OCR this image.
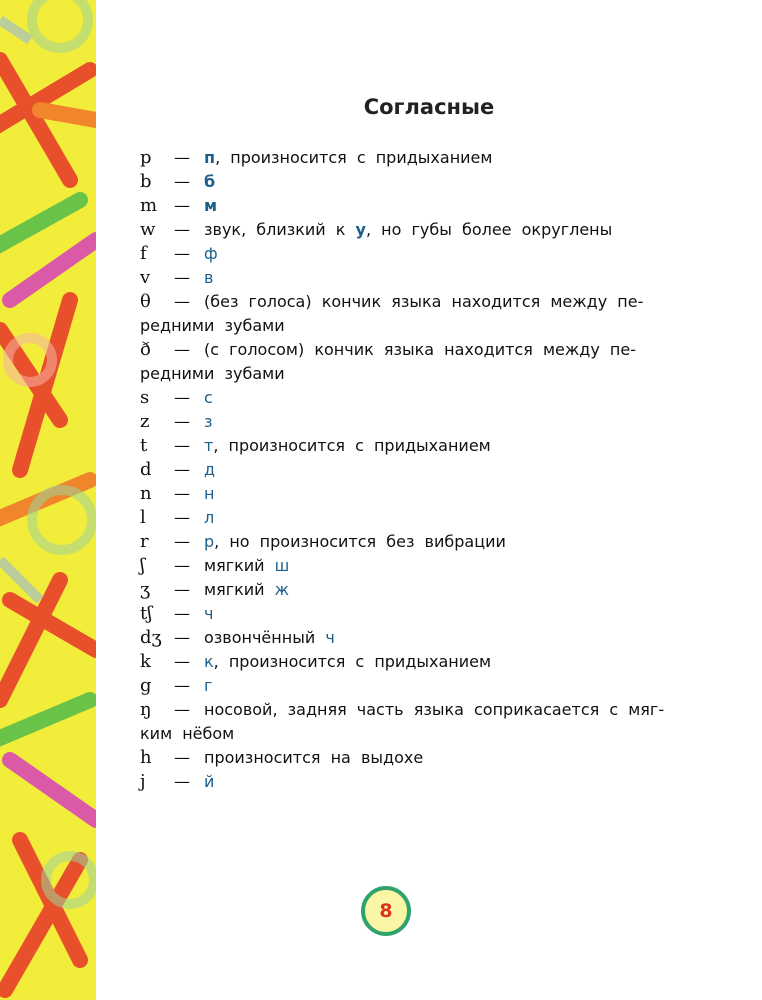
Согласные
p	— п, произносится с придыханием
b	— б
m	— м
w	— звук, близкий к у, но губы более округлены
f	— ф
v	— в
θ	— (без голоса) кончик языка находится между пе-
редними зубами
ð	— (с голосом) кончик языка находится между пе-
редними зубами
s	— с
z	— з
t	— т, произносится с придыханием
d	— д
n	— н
l	— л
r	— р, но произносится без вибрации
ʃ	— мягкий ш
ʒ	— мягкий ж
tʃ	— ч
dʒ — озвончённый ч
k	— к, произносится с придыханием
g	— г
ŋ	— носовой, задняя часть языка соприкасается с мяг-
ким нёбом
h	— произносится на выдохе
j	— й
8
